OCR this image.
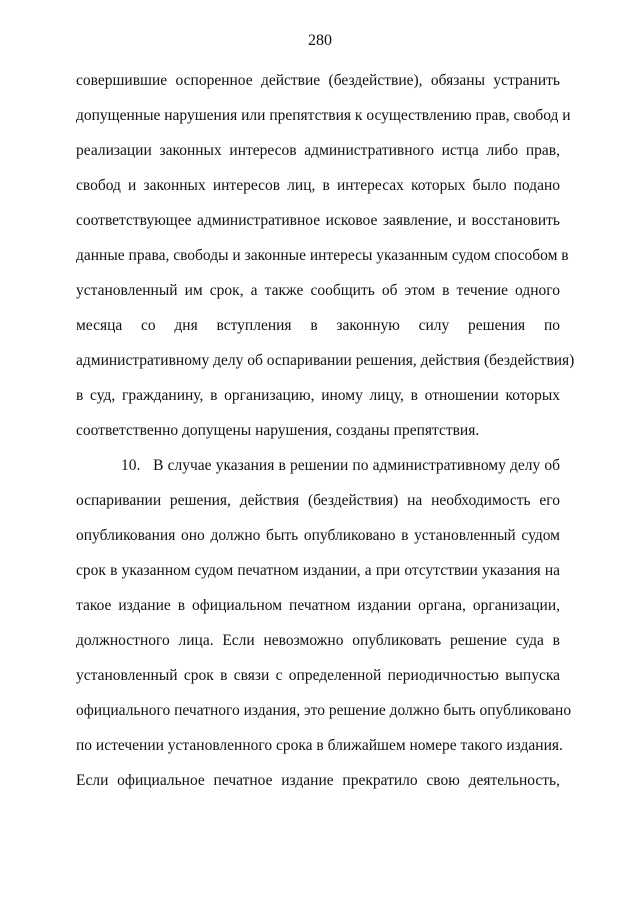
280
совершившие оспоренное действие (бездействие), обязаны устранить
допущенные нарушения или препятствия к осуществлению прав, свобод и
реализации законных интересов административного истца либо прав,
свобод и законных интересов лиц, в интересах которых было подано
соответствующее административное исковое заявление, и восстановить
данные права, свободы и законные интересы указанным судом способом в
установленный им срок, а также сообщить об этом в течение одного
месяца со дня вступления в законную силу решения по
административному делу об оспаривании решения, действия (бездействия)
в суд, гражданину, в организацию, иному лицу, в отношении которых
соответственно допущены нарушения, созданы препятствия.
10. В случае указания в решении по административному делу об
оспаривании решения, действия (бездействия) на необходимость его
опубликования оно должно быть опубликовано в установленный судом
срок в указанном судом печатном издании, а при отсутствии указания на
такое издание в официальном печатном издании органа, организации,
должностного лица. Если невозможно опубликовать решение суда в
установленный срок в связи с определенной периодичностью выпуска
официального печатного издания, это решение должно быть опубликовано
по истечении установленного срока в ближайшем номере такого издания.
Если официальное печатное издание прекратило свою деятельность,
